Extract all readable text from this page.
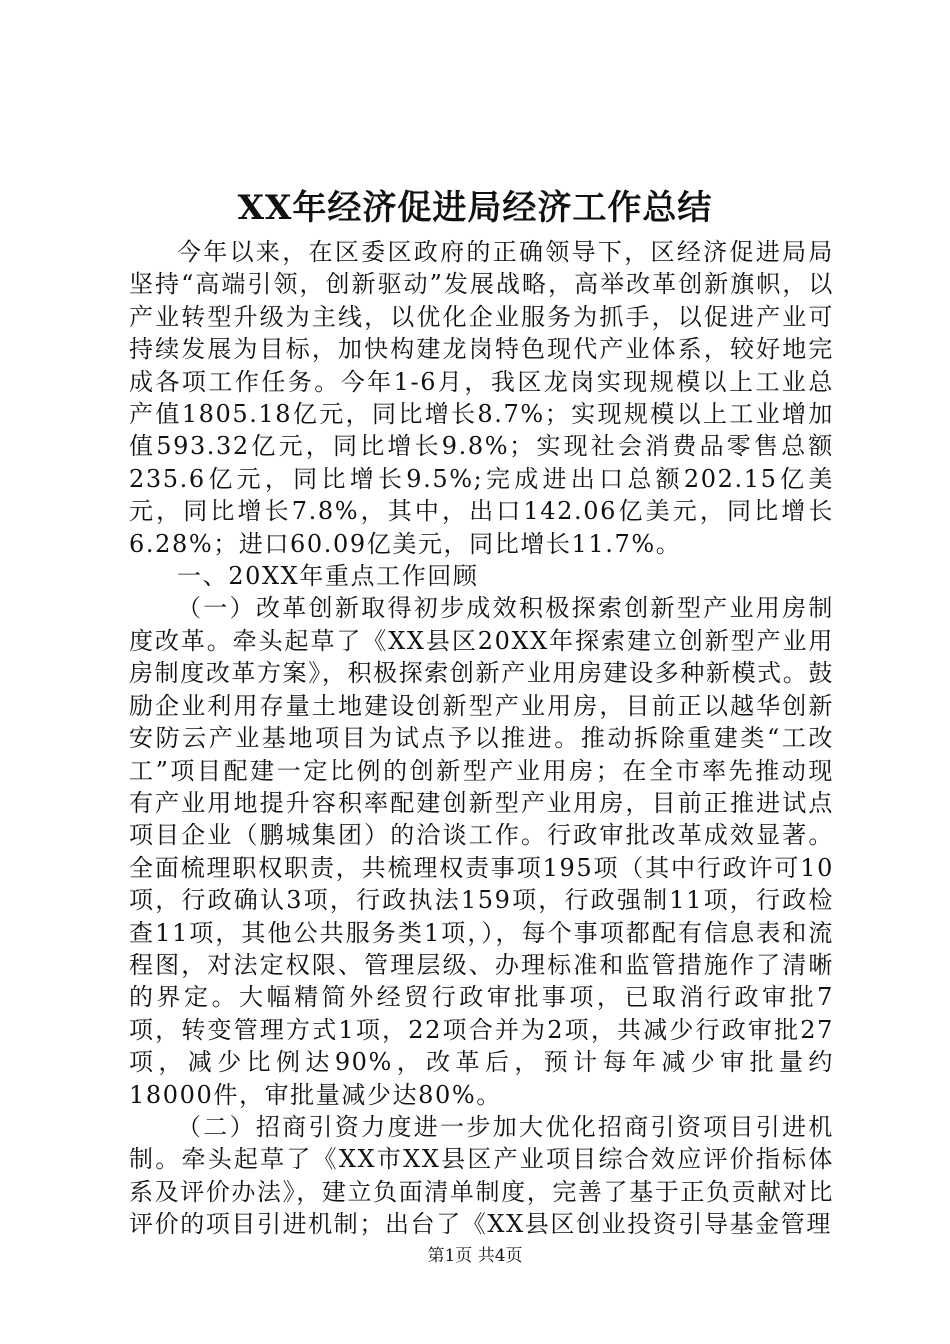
XX年经济促进局经济工作总结

今年以来，在区委区政府的正确领导下，区经济促进局局坚持“高端引领，创新驱动”发展战略，高举改革创新旗帜，以产业转型升级为主线，以优化企业服务为抓手，以促进产业可持续发展为目标，加快构建龙岗特色现代产业体系，较好地完成各项工作任务。今年1-6月，我区龙岗实现规模以上工业总产值1805.18亿元，同比增长8.7%；实现规模以上工业增加值593.32亿元，同比增长9.8%；实现社会消费品零售总额235.6亿元，同比增长9.5%;完成进出口总额202.15亿美元，同比增长7.8%，其中，出口142.06亿美元，同比增长6.28%；进口60.09亿美元，同比增长11.7%。

一、20XX年重点工作回顾

（一）改革创新取得初步成效积极探索创新型产业用房制度改革。牵头起草了《XX县区20XX年探索建立创新型产业用房制度改革方案》，积极探索创新产业用房建设多种新模式。鼓励企业利用存量土地建设创新型产业用房，目前正以越华创新安防云产业基地项目为试点予以推进。推动拆除重建类“工改工”项目配建一定比例的创新型产业用房；在全市率先推动现有产业用地提升容积率配建创新型产业用房，目前正推进试点项目企业（鹏城集团）的洽谈工作。行政审批改革成效显著。全面梳理职权职责，共梳理权责事项195项（其中行政许可10项，行政确认3项，行政执法159项，行政强制11项，行政检查11项，其他公共服务类1项，），每个事项都配有信息表和流程图，对法定权限、管理层级、办理标准和监管措施作了清晰的界定。大幅精简外经贸行政审批事项，已取消行政审批7项，转变管理方式1项，22项合并为2项，共减少行政审批27项，减少比例达90%，改革后，预计每年减少审批量约18000件，审批量减少达80%。

（二）招商引资力度进一步加大优化招商引资项目引进机制。牵头起草了《XX市XX县区产业项目综合效应评价指标体系及评价办法》，建立负面清单制度，完善了基于正负贡献对比评价的项目引进机制；出台了《XX县区创业投资引导基金管理

第1页 共4页
